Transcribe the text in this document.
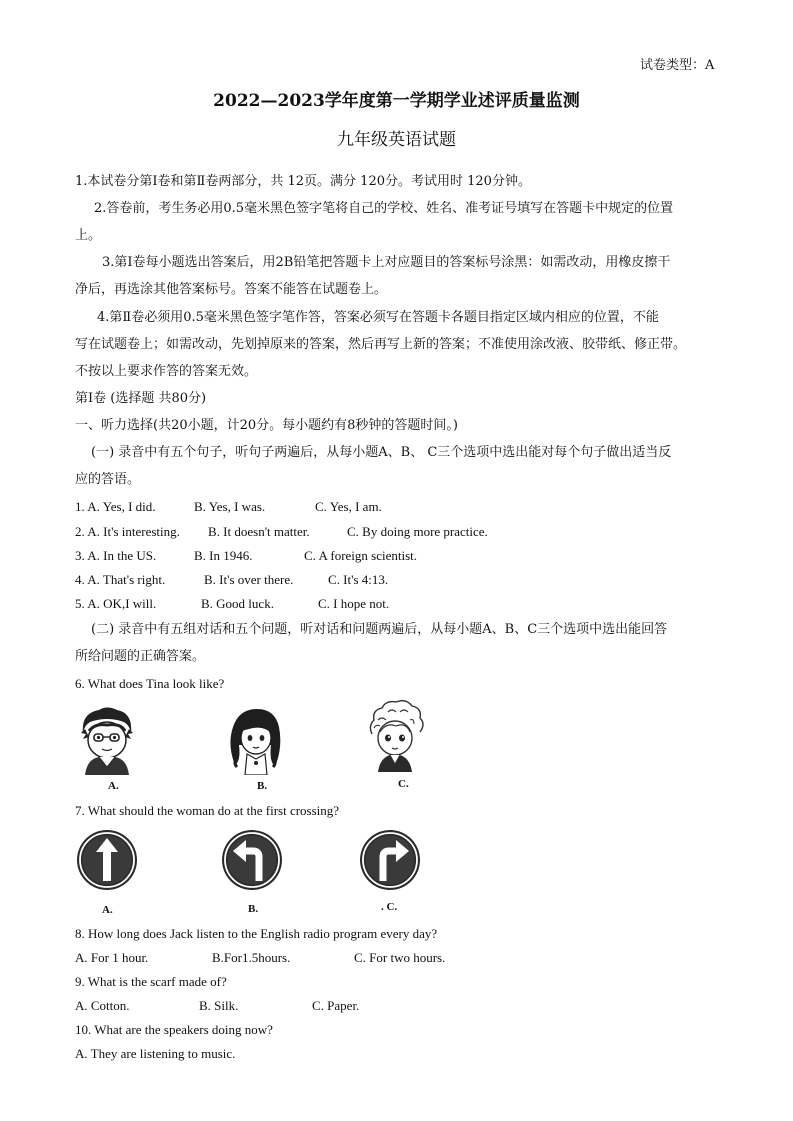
试卷类型：A
2022—2023学年度第一学期学业述评质量监测
九年级英语试题
1.本试卷分第Ⅰ卷和第Ⅱ卷两部分，共 12页。满分 120分。考试用时 120分钟。
2.答卷前，考生务必用0.5毫米黑色签字笔将自己的学校、姓名、准考证号填写在答题卡中规定的位置
上。
3.第Ⅰ卷每小题选出答案后，用2B铅笔把答题卡上对应题目的答案标号涂黑：如需改动，用橡皮擦干
净后，再选涂其他答案标号。答案不能答在试题卷上。
4.第Ⅱ卷必须用0.5毫米黑色签字笔作答，答案必须写在答题卡各题目指定区域内相应的位置，不能
写在试题卷上；如需改动，先划掉原来的答案，然后再写上新的答案；不准使用涂改液、胶带纸、修正带。
不按以上要求作答的答案无效。
第Ⅰ卷 (选择题 共80分)
一、听力选择(共20小题，计20分。每小题约有8秒钟的答题时间。)
(一) 录音中有五个句子，听句子两遍后，从每小题A、B、 C三个选项中选出能对每个句子做出适当反
应的答语。
1. A. Yes, I did.	B. Yes, I was.	C. Yes, I am.
2. A. It's interesting. B. It doesn't matter.	C. By doing more practice.
3. A. In the US.	B. In 1946.	C. A foreign scientist.
4. A. That's right.	B. It's over there.	C. It's 4:13.
5. A. OK,I will.	B. Good luck.	C. I hope not.
(二) 录音中有五组对话和五个问题，听对话和问题两遍后，从每小题A、B、C三个选项中选出能回答
所给问题的正确答案。
6. What does Tina look like?
A.	B.	C.
7. What should the woman do at the first crossing?
A.	B.	. C.
8. How long does Jack listen to the English radio program every day?
A. For 1 hour.	B.For1.5hours.	C. For two hours.
9. What is the scarf made of?
A. Cotton.	B. Silk.	C. Paper.
10. What are the speakers doing now?
A. They are listening to music.
